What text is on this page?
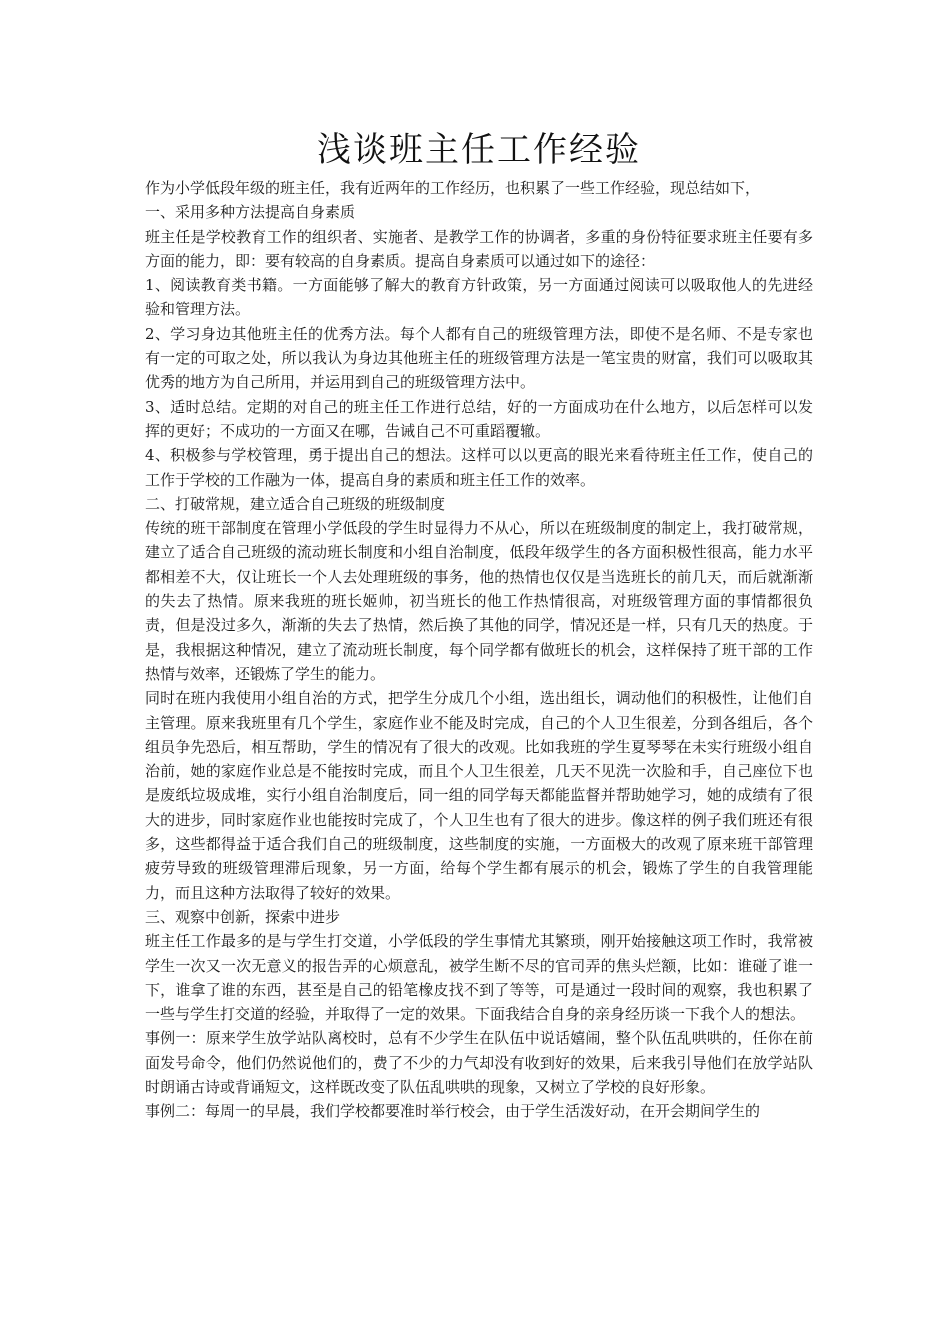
浅谈班主任工作经验

作为小学低段年级的班主任，我有近两年的工作经历，也积累了一些工作经验，现总结如下，

一、采用多种方法提高自身素质

班主任是学校教育工作的组织者、实施者、是教学工作的协调者，多重的身份特征要求班主任要有多方面的能力，即：要有较高的自身素质。提高自身素质可以通过如下的途径：

1、阅读教育类书籍。一方面能够了解大的教育方针政策，另一方面通过阅读可以吸取他人的先进经验和管理方法。

2、学习身边其他班主任的优秀方法。每个人都有自己的班级管理方法，即使不是名师、不是专家也有一定的可取之处，所以我认为身边其他班主任的班级管理方法是一笔宝贵的财富，我们可以吸取其优秀的地方为自己所用，并运用到自己的班级管理方法中。

3、适时总结。定期的对自己的班主任工作进行总结，好的一方面成功在什么地方，以后怎样可以发挥的更好；不成功的一方面又在哪，告诫自己不可重蹈覆辙。

4、积极参与学校管理，勇于提出自己的想法。这样可以以更高的眼光来看待班主任工作，使自己的工作于学校的工作融为一体，提高自身的素质和班主任工作的效率。

二、打破常规，建立适合自己班级的班级制度

传统的班干部制度在管理小学低段的学生时显得力不从心，所以在班级制度的制定上，我打破常规，建立了适合自己班级的流动班长制度和小组自治制度，低段年级学生的各方面积极性很高，能力水平都相差不大，仅让班长一个人去处理班级的事务，他的热情也仅仅是当选班长的前几天，而后就渐渐的失去了热情。原来我班的班长姬帅，初当班长的他工作热情很高，对班级管理方面的事情都很负责，但是没过多久，渐渐的失去了热情，然后换了其他的同学，情况还是一样，只有几天的热度。于是，我根据这种情况，建立了流动班长制度，每个同学都有做班长的机会，这样保持了班干部的工作热情与效率，还锻炼了学生的能力。

同时在班内我使用小组自治的方式，把学生分成几个小组，选出组长，调动他们的积极性，让他们自主管理。原来我班里有几个学生，家庭作业不能及时完成，自己的个人卫生很差，分到各组后，各个组员争先恐后，相互帮助，学生的情况有了很大的改观。比如我班的学生夏琴琴在未实行班级小组自治前，她的家庭作业总是不能按时完成，而且个人卫生很差，几天不见洗一次脸和手，自己座位下也是废纸垃圾成堆，实行小组自治制度后，同一组的同学每天都能监督并帮助她学习，她的成绩有了很大的进步，同时家庭作业也能按时完成了，个人卫生也有了很大的进步。像这样的例子我们班还有很多，这些都得益于适合我们自己的班级制度，这些制度的实施，一方面极大的改观了原来班干部管理疲劳导致的班级管理滞后现象，另一方面，给每个学生都有展示的机会，锻炼了学生的自我管理能力，而且这种方法取得了较好的效果。

三、观察中创新，探索中进步

班主任工作最多的是与学生打交道，小学低段的学生事情尤其繁琐，刚开始接触这项工作时，我常被学生一次又一次无意义的报告弄的心烦意乱，被学生断不尽的官司弄的焦头烂额，比如：谁碰了谁一下，谁拿了谁的东西，甚至是自己的铅笔橡皮找不到了等等，可是通过一段时间的观察，我也积累了一些与学生打交道的经验，并取得了一定的效果。下面我结合自身的亲身经历谈一下我个人的想法。

事例一：原来学生放学站队离校时，总有不少学生在队伍中说话嬉闹，整个队伍乱哄哄的，任你在前面发号命令，他们仍然说他们的，费了不少的力气却没有收到好的效果，后来我引导他们在放学站队时朗诵古诗或背诵短文，这样既改变了队伍乱哄哄的现象，又树立了学校的良好形象。

事例二：每周一的早晨，我们学校都要准时举行校会，由于学生活泼好动，在开会期间学生的
